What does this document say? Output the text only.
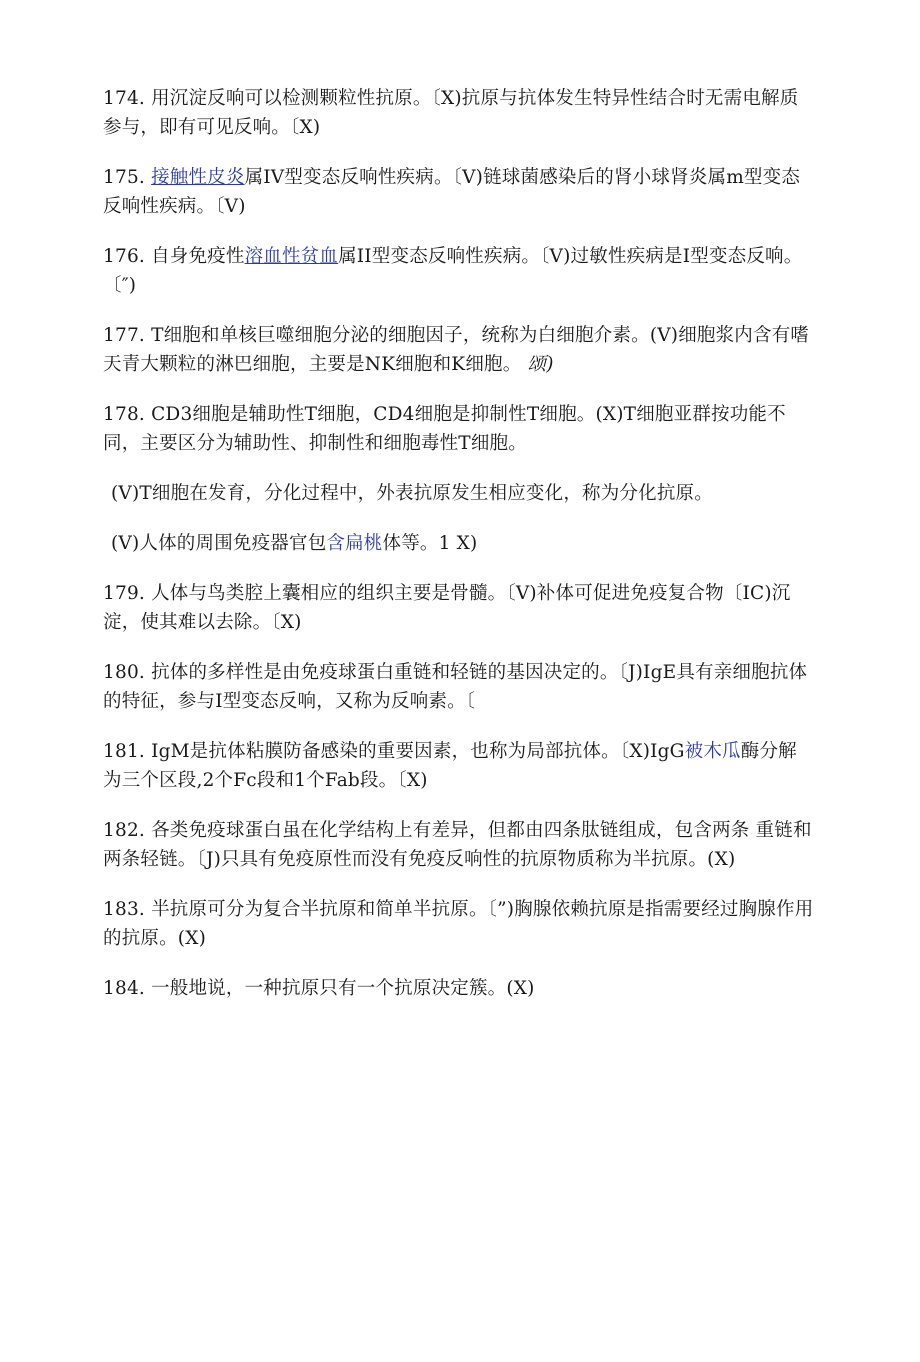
174. 用沉淀反响可以检测颗粒性抗原。〔X)抗原与抗体发生特异性结合时无需电解质参与，即有可见反响。〔X)

175. 接触性皮炎属IV型变态反响性疾病。〔V)链球菌感染后的肾小球肾炎属m型变态反响性疾病。〔V)

176. 自身免疫性溶血性贫血属II型变态反响性疾病。〔V)过敏性疾病是I型变态反响。〔″)

177. T细胞和单核巨噬细胞分泌的细胞因子，统称为白细胞介素。(V)细胞浆内含有嗜天青大颗粒的淋巴细胞，主要是NK细胞和K细胞。 颂)

178. CD3细胞是辅助性T细胞，CD4细胞是抑制性T细胞。(X)T细胞亚群按功能不同，主要区分为辅助性、抑制性和细胞毒性T细胞。

(V)T细胞在发育，分化过程中，外表抗原发生相应变化，称为分化抗原。

(V)人体的周围免疫器官包含扁桃体等。1 X)

179. 人体与鸟类腔上囊相应的组织主要是骨髓。〔V)补体可促进免疫复合物〔IC)沉淀，使其难以去除。〔X)

180. 抗体的多样性是由免疫球蛋白重链和轻链的基因决定的。〔J)IgE具有亲细胞抗体的特征，参与I型变态反响，又称为反响素。〔

181. IgM是抗体粘膜防备感染的重要因素，也称为局部抗体。〔X)IgG被木瓜酶分解为三个区段,2个Fc段和1个Fab段。〔X)

182. 各类免疫球蛋白虽在化学结构上有差异，但都由四条肽链组成，包含两条 重链和两条轻链。〔J)只具有免疫原性而没有免疫反响性的抗原物质称为半抗原。(X)

183. 半抗原可分为复合半抗原和简单半抗原。〔”)胸腺依赖抗原是指需要经过胸腺作用的抗原。(X)

184. 一般地说，一种抗原只有一个抗原决定簇。(X)
